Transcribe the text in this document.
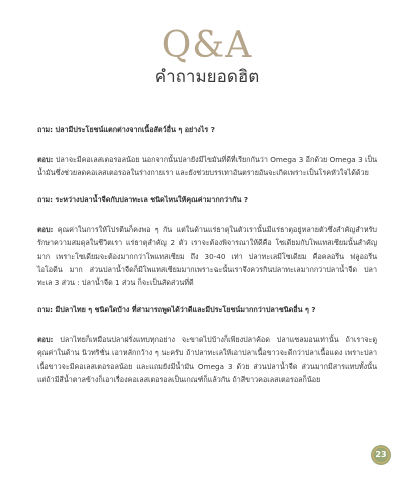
Q&A
คำถามยอดฮิต

ถาม: ปลามีประโยชน์แตกต่างจากเนื้อสัตว์อื่น ๆ อย่างไร ?

ตอบ: ปลาจะมีคอเลสเตอรอลน้อย นอกจากนั้นปลายังมีไขมันที่ดีที่เรียกกันว่า Omega 3 อีกด้วย Omega 3 เป็นน้ำมันซึ่งช่วยลดคอเลสเตอรอลในร่างกายเรา และยังช่วยบรรเทาอันตรายอันจะเกิดเพราะเป็นโรคหัวใจได้ด้วย

ถาม: ระหว่างปลาน้ำจืดกับปลาทะเล ชนิดไหนให้คุณค่ามากกว่ากัน ?

ตอบ: คุณค่าในการให้โปรตีนก็คงพอ ๆ กัน แต่ในด้านแร่ธาตุในตัวเรานั้นมีแร่ธาตุอยู่หลายตัวซึ่งสำคัญสำหรับรักษาความสมดุลในชีวิตเรา แร่ธาตุสำคัญ 2 ตัว เราจะต้องพิจารณาให้ดีคือ โซเดียมกับโพแทสเซียมนั้นสำคัญมาก เพราะโซเดียมจะต้องมากกว่าโพแทสเซียม ถึง 30-40 เท่า ปลาทะเลมีโซเดียม คือคลอรีน ฟลูออรีน ไอโอดีน มาก ส่วนปลาน้ำจืดก็มีโพแทสเซียมมากเพราะฉะนั้นเราจึงควรกินปลาทะเลมากกว่าปลาน้ำจืด ปลาทะเล 3 ส่วน : ปลาน้ำจืด 1 ส่วน ก็จะเป็นสัดส่วนที่ดี

ถาม: มีปลาไทย ๆ ชนิดใดบ้าง ที่สามารถพูดได้ว่าดีและมีประโยชน์มากกว่าปลาชนิดอื่น ๆ ?

ตอบ: ปลาไทยก็เหมือนปลาฝรั่งแทบทุกอย่าง จะขาดไปบ้างก็เพียงปลาค้อด ปลาแซลมอนเท่านั้น ถ้าเราจะดูคุณค่าในด้าน นิวทริชั่น เอาหลักกว้าง ๆ นะครับ ถ้าปลาทะเลให้เอาปลาเนื้อขาวจะดีกว่าปลาเนื้อแดง เพราะปลาเนื้อขาวจะมีคอเลสเตอรอลน้อย และแถมยังมีน้ำมัน Omega 3 ด้วย ส่วนปลาน้ำจืด ส่วนมากมีสารแทบทั้งนั้น แต่ถ้ามีสีน้ำตาลข้างก็เอาเรื่องคอเลสเตอรอลเป็นเกณฑ์ก็แล้วกัน ถ้าสีขาวคอเลสเตอรอลก็น้อย

23
